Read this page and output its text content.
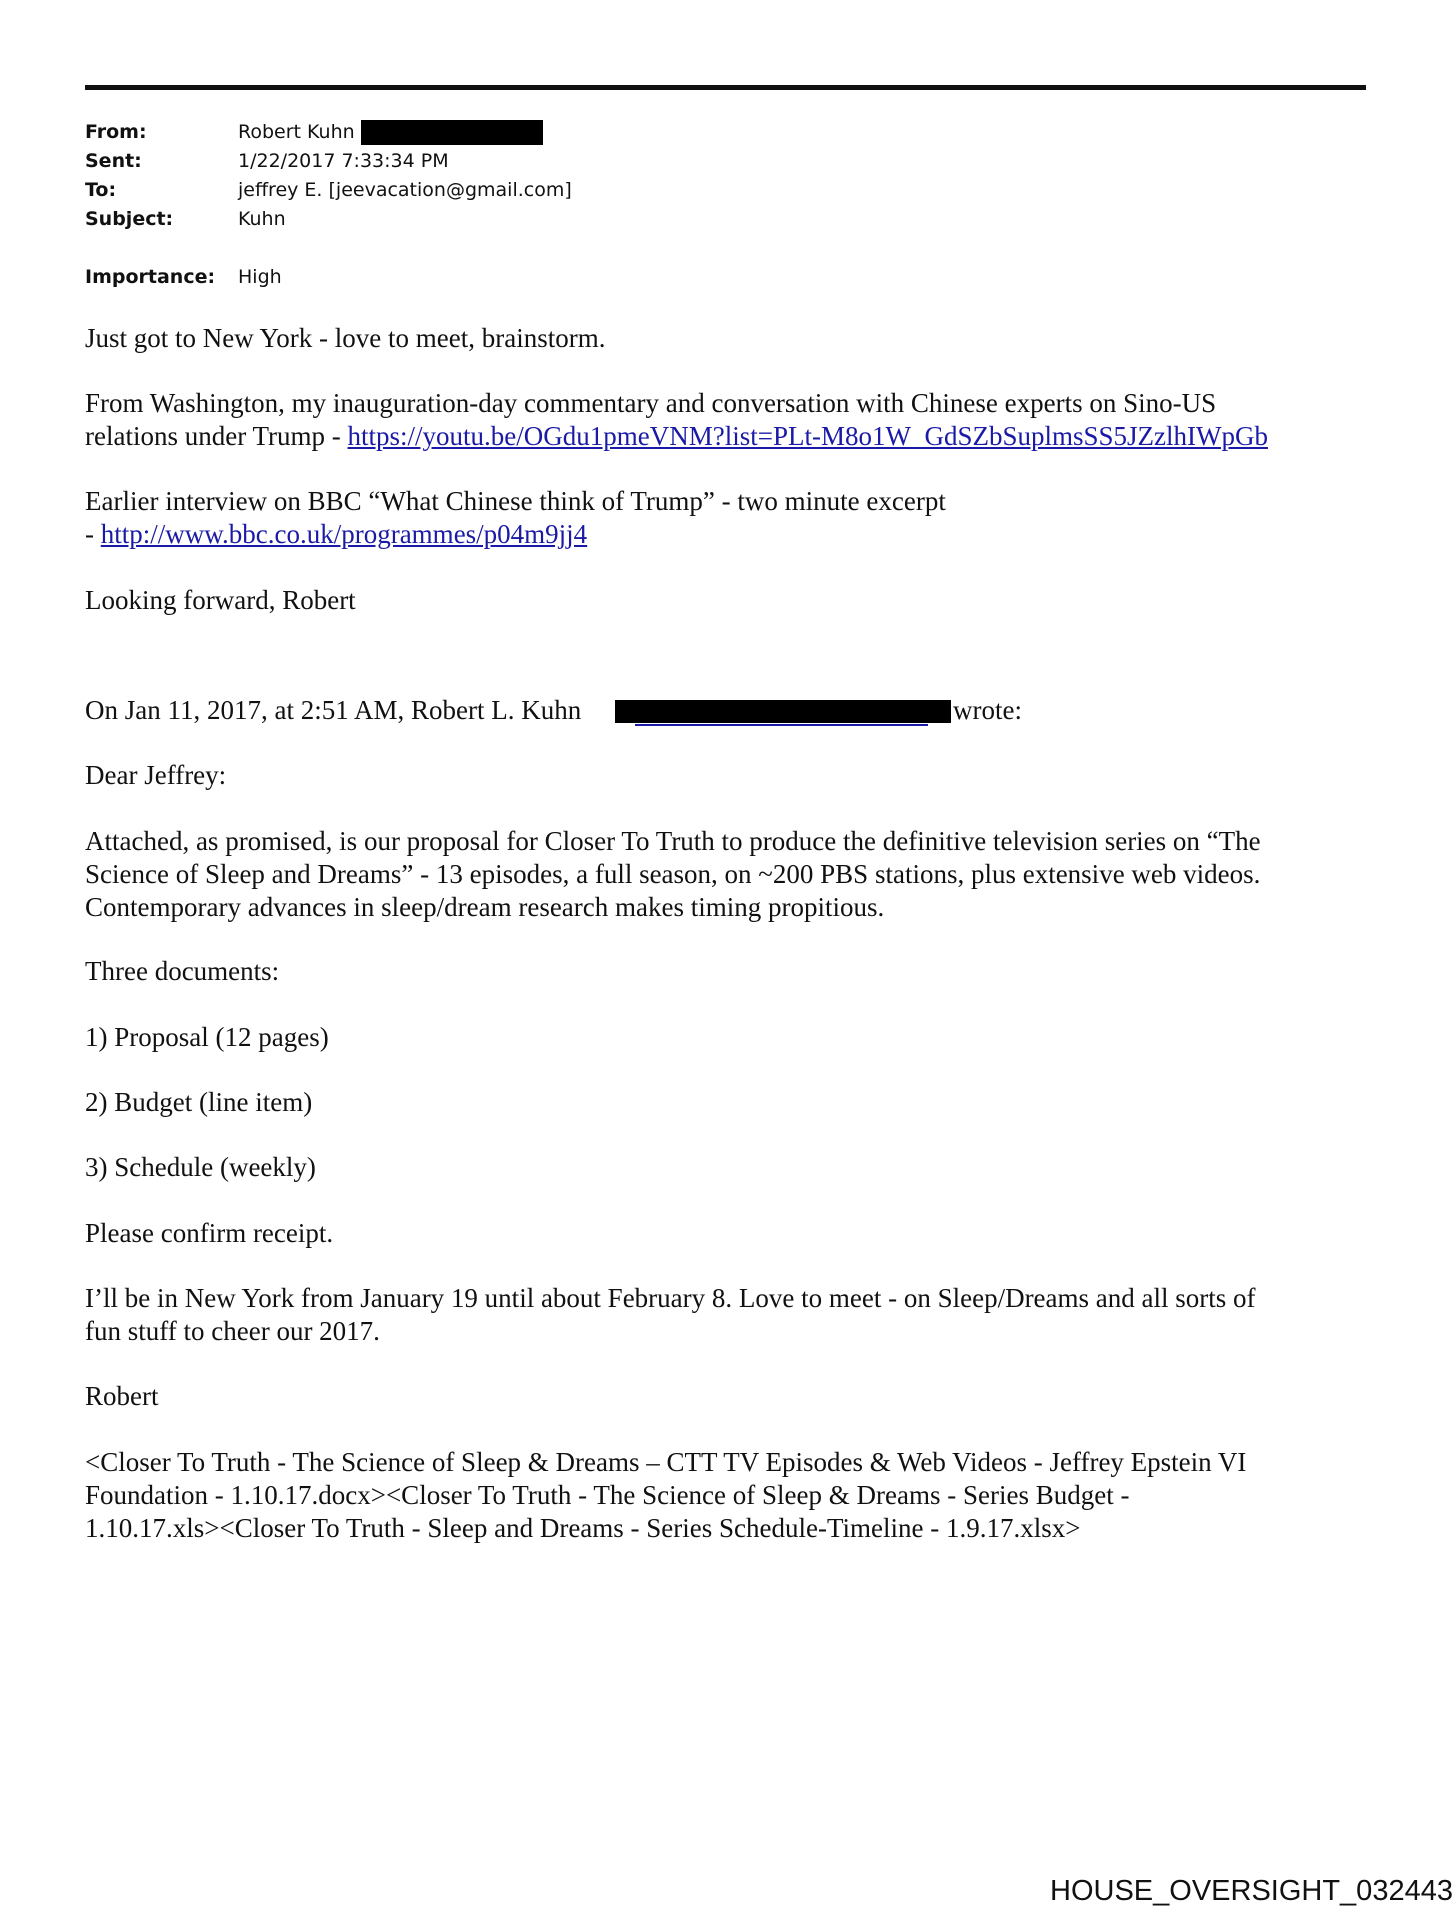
From:	Robert Kuhn
Sent:	1/22/2017 7:33:34 PM
To:	jeffrey E. [jeevacation@gmail.com]
Subject:	Kuhn
Importance: High
Just got to New York - love to meet, brainstorm.
From Washington, my inauguration-day commentary and conversation with Chinese experts on Sino-US
relations under Trump - https://youtu.be/OGdu1pmeVNM?list=PLt-M8o1W_GdSZbSuplmsSS5JZzlhIWpGb
Earlier interview on BBC “What Chinese think of Trump” - two minute excerpt
- http://www.bbc.co.uk/programmes/p04m9jj4
Looking forward, Robert
On Jan 11, 2017, at 2:51 AM, Robert L. Kuhn	wrote:
Dear Jeffrey:
Attached, as promised, is our proposal for Closer To Truth to produce the definitive television series on “The
Science of Sleep and Dreams” - 13 episodes, a full season, on ~200 PBS stations, plus extensive web videos.
Contemporary advances in sleep/dream research makes timing propitious.
Three documents:
1) Proposal (12 pages)
2) Budget (line item)
3) Schedule (weekly)
Please confirm receipt.
I’ll be in New York from January 19 until about February 8. Love to meet - on Sleep/Dreams and all sorts of
fun stuff to cheer our 2017.
Robert
<Closer To Truth - The Science of Sleep & Dreams – CTT TV Episodes & Web Videos - Jeffrey Epstein VI
Foundation - 1.10.17.docx><Closer To Truth - The Science of Sleep & Dreams - Series Budget -
1.10.17.xls><Closer To Truth - Sleep and Dreams - Series Schedule-Timeline - 1.9.17.xlsx>
HOUSE_OVERSIGHT_032443
